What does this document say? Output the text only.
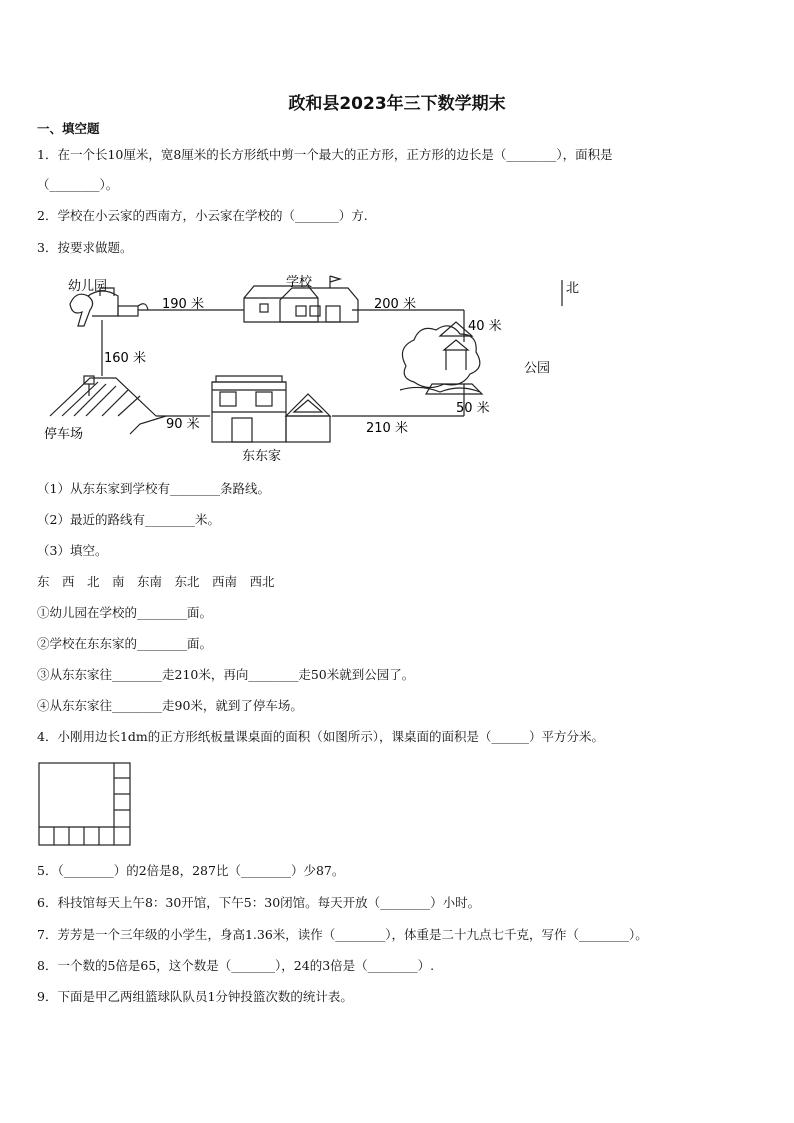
政和县2023年三下数学期末
一、填空题
1．在一个长10厘米，宽8厘米的长方形纸中剪一个最大的正方形，正方形的边长是（________），面积是
（________）。
2．学校在小云家的西南方，小云家在学校的（_______）方.
3．按要求做题。
幼儿园	学校	北
公园
停车场
东东家
190 米	200 米
40 米
160 米
50 米
90 米	210 米
（1）从东东家到学校有________条路线。
（2）最近的路线有________米。
（3）填空。
东　西　北　南　东南　东北　西南　西北
①幼儿园在学校的________面。
②学校在东东家的________面。
③从东东家往________走210米，再向________走50米就到公园了。
④从东东家往________走90米，就到了停车场。
4．小刚用边长1dm的正方形纸板量课桌面的面积（如图所示），课桌面的面积是（______）平方分米。
5．（________）的2倍是8，287比（________）少87。
6．科技馆每天上午8：30开馆，下午5：30闭馆。每天开放（________）小时。
7．芳芳是一个三年级的小学生，身高1.36米，读作（________），体重是二十九点七千克，写作（________）。
8．一个数的5倍是65，这个数是（_______），24的3倍是（________）.
9．下面是甲乙两组篮球队队员1分钟投篮次数的统计表。
